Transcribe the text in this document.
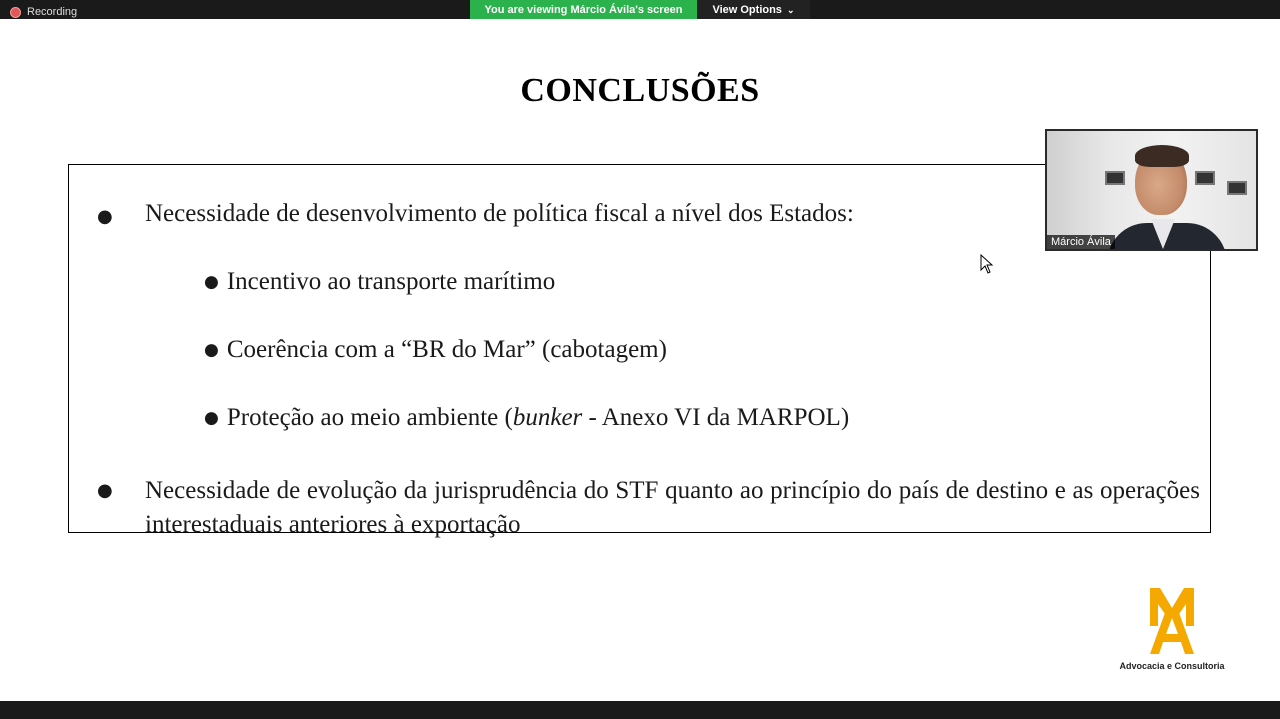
Recording	You are viewing Márcio Ávila's screen	View Options ⌄
CONCLUSÕES
● Necessidade de desenvolvimento de política fiscal a nível dos Estados:
● Incentivo ao transporte marítimo
● Coerência com a “BR do Mar” (cabotagem)
● Proteção ao meio ambiente (bunker - Anexo VI da MARPOL)
● Necessidade de evolução da jurisprudência do STF quanto ao princípio do país de destino e as operações interestaduais anteriores à exportação
Advocacia e Consultoria
Márcio Ávila
